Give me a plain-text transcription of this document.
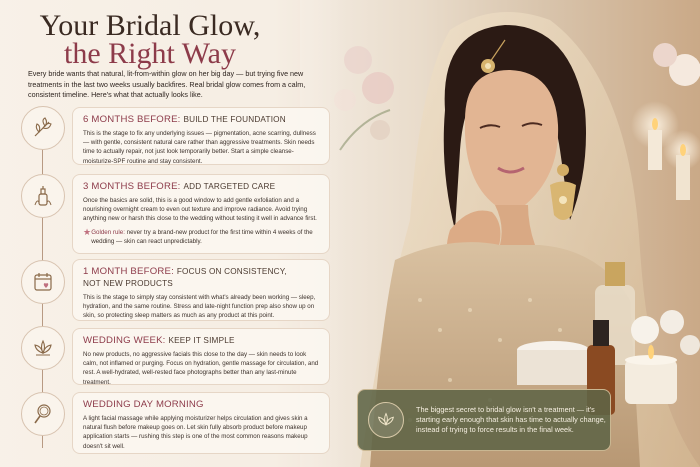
Your Bridal Glow,
the Right Way
Every bride wants that natural, lit-from-within glow on her big day — but trying five new treatments in the last two weeks usually backfires. Real bridal glow comes from a calm, consistent timeline. Here's what that actually looks like.
6 MONTHS BEFORE: BUILD THE FOUNDATION

This is the stage to fix any underlying issues — pigmentation, acne scarring, dullness — with gentle, consistent natural care rather than aggressive treatments. Skin needs time to actually repair, not just look temporarily better. Start a simple cleanse-moisturize-SPF routine and stay consistent.

3 MONTHS BEFORE: ADD TARGETED CARE

Once the basics are solid, this is a good window to add gentle exfoliation and a nourishing overnight cream to even out texture and improve radiance. Avoid trying anything new or harsh this close to the wedding without testing it well in advance first.

★ Golden rule: never try a brand-new product for the first time within 4 weeks of the wedding — skin can react unpredictably.
1 MONTH BEFORE: FOCUS ON CONSISTENCY,
NOT NEW PRODUCTS

This is the stage to simply stay consistent with what's already been working — sleep, hydration, and the same routine. Stress and late-night function prep also show up on skin, so protecting sleep matters as much as any product at this point.

WEDDING WEEK: KEEP IT SIMPLE

No new products, no aggressive facials this close to the day — skin needs to look calm, not inflamed or purging. Focus on hydration, gentle massage for circulation, and rest. A well-hydrated, well-rested face photographs better than any last-minute treatment.

WEDDING DAY MORNING

A light facial massage while applying moisturizer helps circulation and gives skin a natural flush before makeup goes on. Let skin fully absorb product before makeup application starts — rushing this step is one of the most common reasons makeup doesn't sit well.

The biggest secret to bridal glow isn't a treatment — it's starting early enough that skin has time to actually change, instead of trying to force results in the final week.
